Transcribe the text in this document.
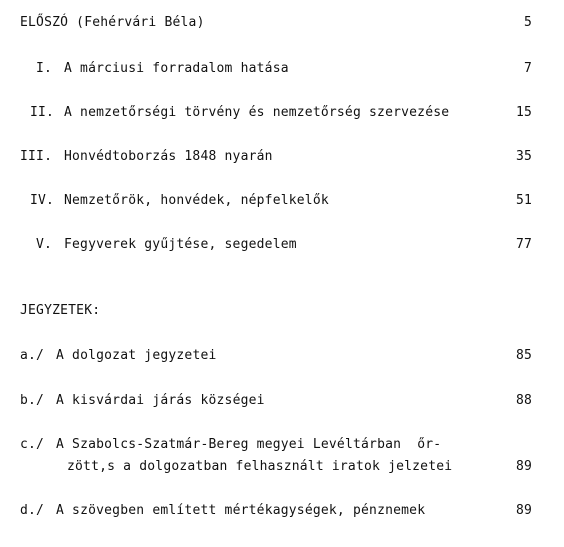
ELŐSZÓ (Fehérvári Béla)	5
I. A márciusi forradalom hatása	7
II. A nemzetőrségi törvény és nemzetőrség szervezése	15
III. Honvédtoborzás 1848 nyarán	35
IV. Nemzetőrök, honvédek, népfelkelők	51
V. Fegyverek gyűjtése, segedelem	77
JEGYZETEK:
a./ A dolgozat jegyzetei	85
b./ A kisvárdai járás községei	88
c./ A Szabolcs-Szatmár-Bereg megyei Levéltárban  őr-
zött,s a dolgozatban felhasznált iratok jelzetei	89
d./ A szövegben említett mértékagységek, pénznemek	89
